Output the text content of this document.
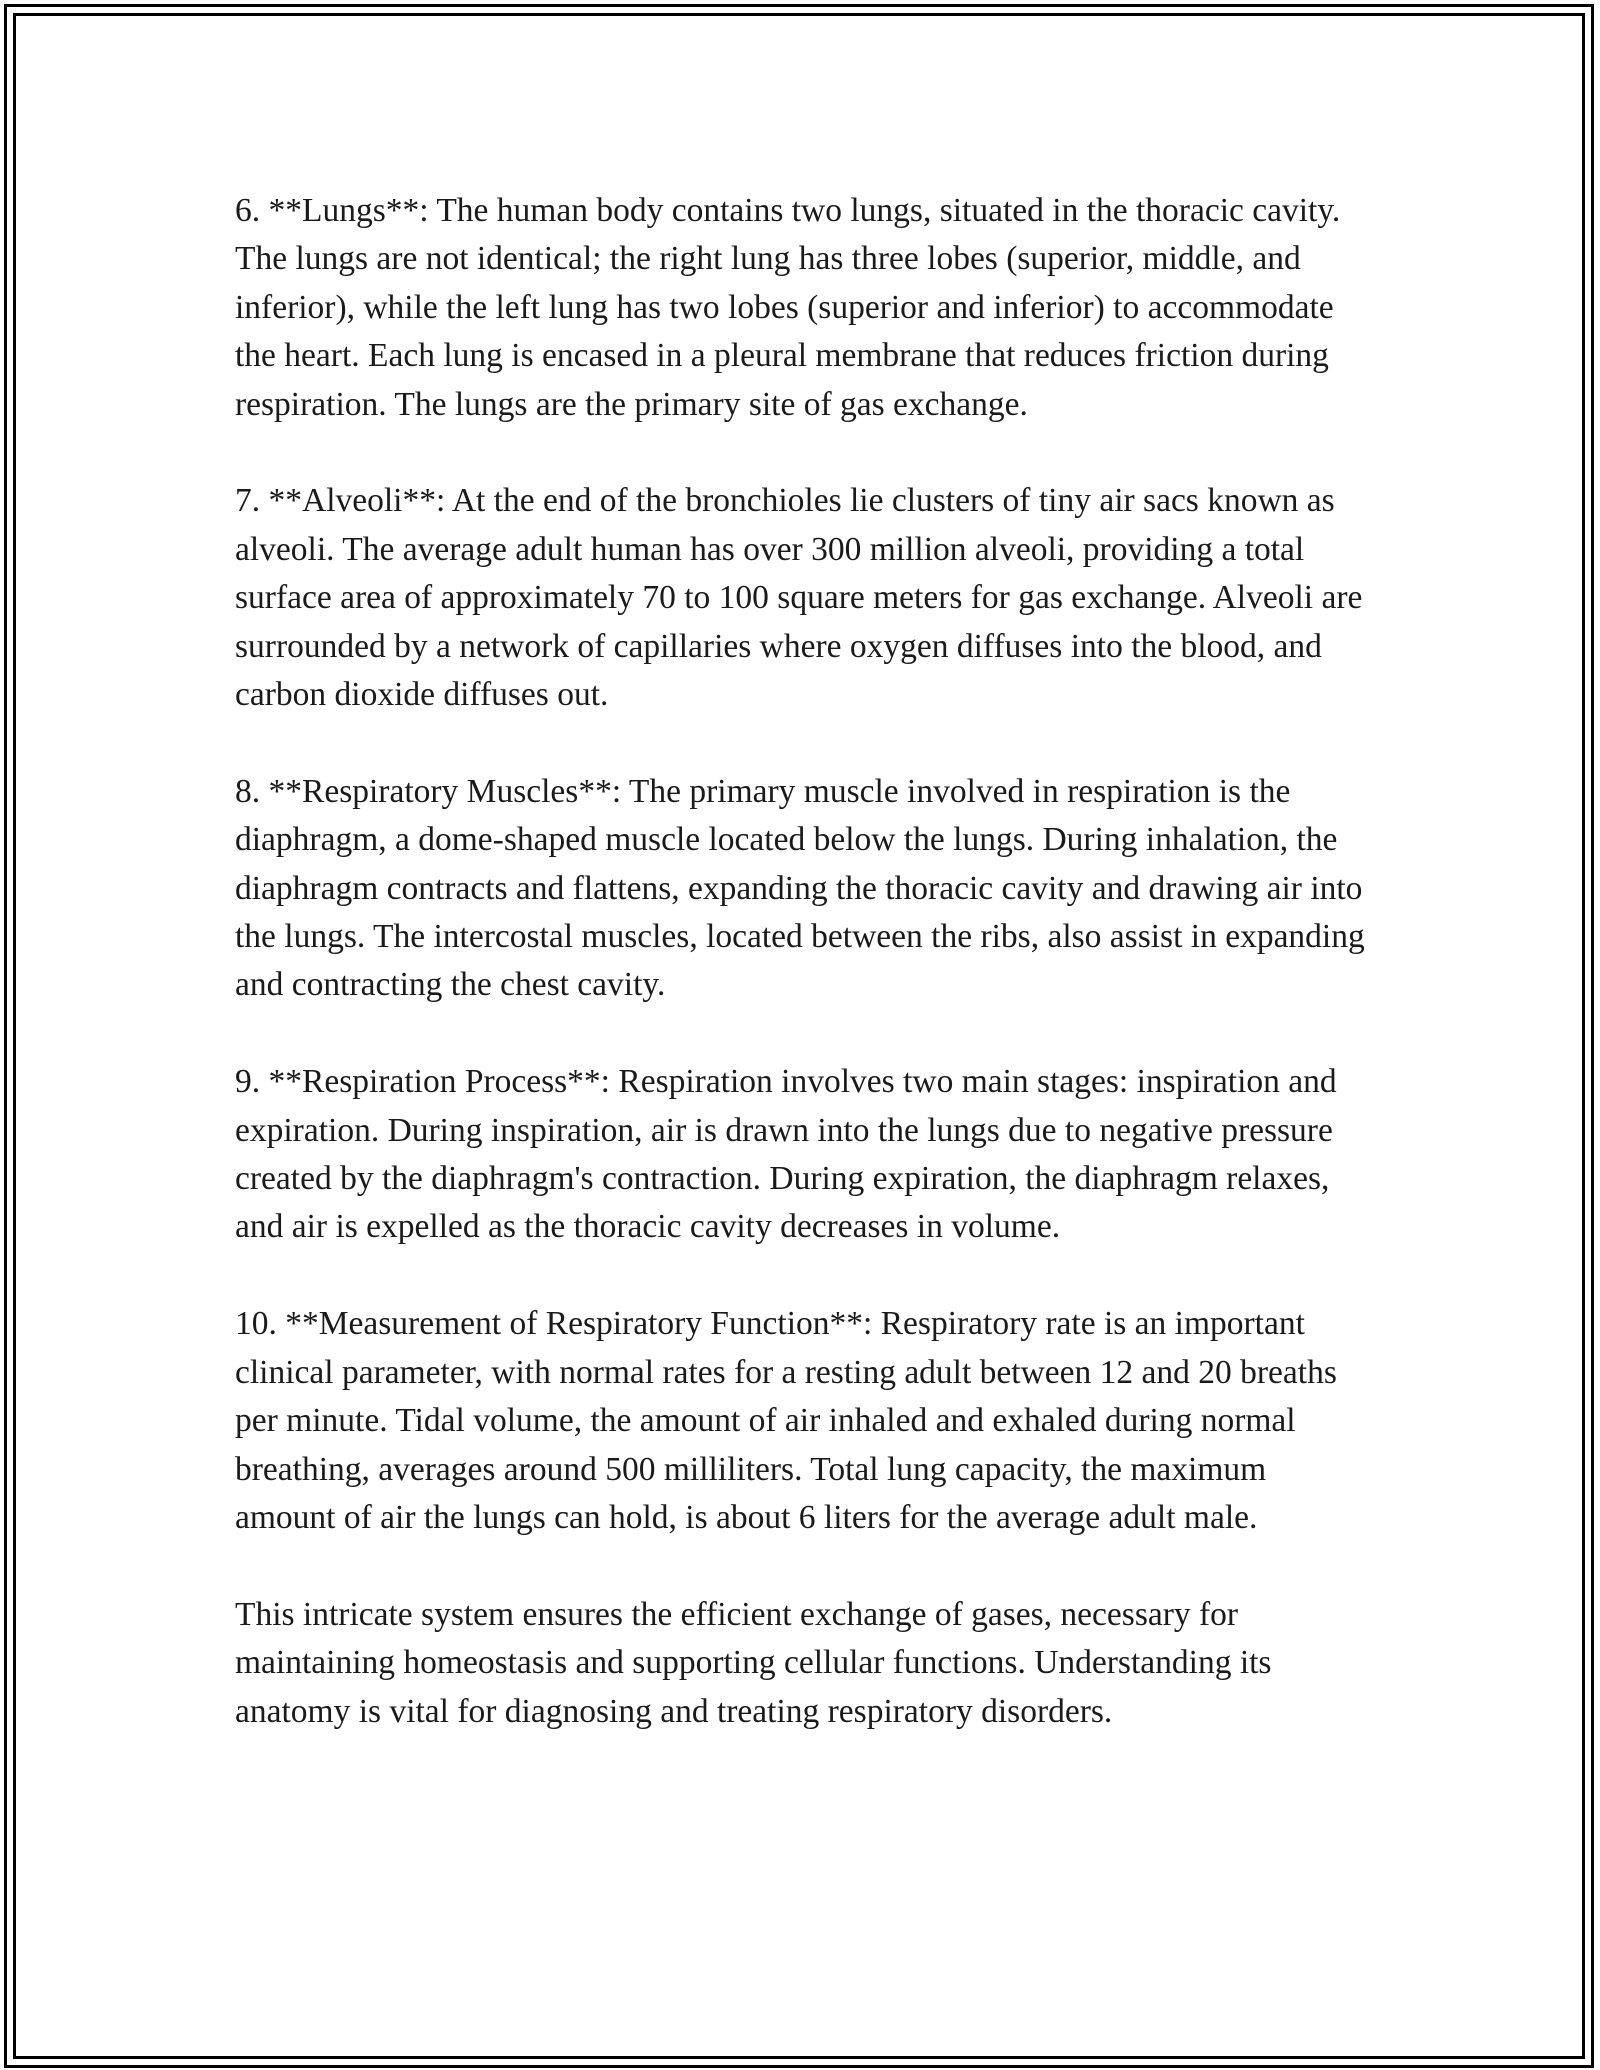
6. **Lungs**: The human body contains two lungs, situated in the thoracic cavity. The lungs are not identical; the right lung has three lobes (superior, middle, and inferior), while the left lung has two lobes (superior and inferior) to accommodate the heart. Each lung is encased in a pleural membrane that reduces friction during respiration. The lungs are the primary site of gas exchange.

7. **Alveoli**: At the end of the bronchioles lie clusters of tiny air sacs known as alveoli. The average adult human has over 300 million alveoli, providing a total surface area of approximately 70 to 100 square meters for gas exchange. Alveoli are surrounded by a network of capillaries where oxygen diffuses into the blood, and carbon dioxide diffuses out.

8. **Respiratory Muscles**: The primary muscle involved in respiration is the diaphragm, a dome-shaped muscle located below the lungs. During inhalation, the diaphragm contracts and flattens, expanding the thoracic cavity and drawing air into the lungs. The intercostal muscles, located between the ribs, also assist in expanding and contracting the chest cavity.

9. **Respiration Process**: Respiration involves two main stages: inspiration and expiration. During inspiration, air is drawn into the lungs due to negative pressure created by the diaphragm's contraction. During expiration, the diaphragm relaxes, and air is expelled as the thoracic cavity decreases in volume.

10. **Measurement of Respiratory Function**: Respiratory rate is an important clinical parameter, with normal rates for a resting adult between 12 and 20 breaths per minute. Tidal volume, the amount of air inhaled and exhaled during normal breathing, averages around 500 milliliters. Total lung capacity, the maximum amount of air the lungs can hold, is about 6 liters for the average adult male.

This intricate system ensures the efficient exchange of gases, necessary for maintaining homeostasis and supporting cellular functions. Understanding its anatomy is vital for diagnosing and treating respiratory disorders.
